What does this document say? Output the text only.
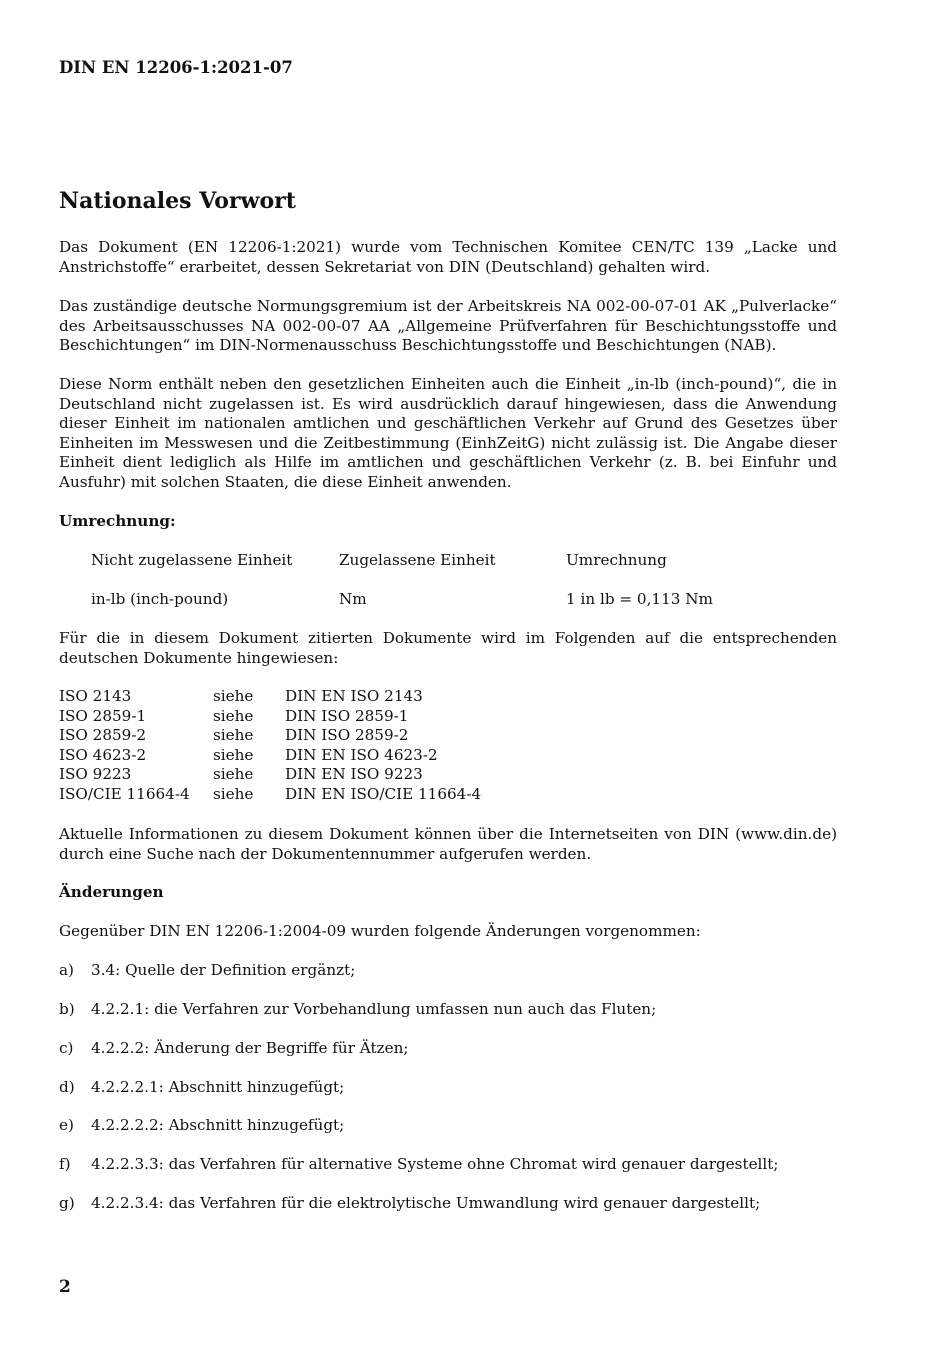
DIN EN 12206-1:2021-07
Nationales Vorwort

Das Dokument (EN 12206-1:2021) wurde vom Technischen Komitee CEN/TC 139 „Lacke und Anstrichstoffe“ erarbeitet, dessen Sekretariat von DIN (Deutschland) gehalten wird.

Das zuständige deutsche Normungsgremium ist der Arbeitskreis NA 002-00-07-01 AK „Pulverlacke“ des Arbeitsausschusses NA 002-00-07 AA „Allgemeine Prüfverfahren für Beschichtungsstoffe und Beschichtungen“ im DIN-Normenausschuss Beschichtungsstoffe und Beschichtungen (NAB).

Diese Norm enthält neben den gesetzlichen Einheiten auch die Einheit „in-lb (inch-pound)“, die in Deutschland nicht zugelassen ist. Es wird ausdrücklich darauf hingewiesen, dass die Anwendung dieser Einheit im nationalen amtlichen und geschäftlichen Verkehr auf Grund des Gesetzes über Einheiten im Messwesen und die Zeitbestimmung (EinhZeitG) nicht zulässig ist. Die Angabe dieser Einheit dient lediglich als Hilfe im amtlichen und geschäftlichen Verkehr (z. B. bei Einfuhr und Ausfuhr) mit solchen Staaten, die diese Einheit anwenden.

Umrechnung:
Nicht zugelassene Einheit	Zugelassene Einheit	Umrechnung
in-lb (inch-pound)	Nm	1 in lb = 0,113 Nm

Für die in diesem Dokument zitierten Dokumente wird im Folgenden auf die entsprechenden deutschen Dokumente hingewiesen:

ISO 2143	siehe DIN EN ISO 2143
ISO 2859-1	siehe DIN ISO 2859-1
ISO 2859-2	siehe DIN ISO 2859-2
ISO 4623-2	siehe DIN EN ISO 4623-2
ISO 9223	siehe DIN EN ISO 9223
ISO/CIE 11664-4 siehe DIN EN ISO/CIE 11664-4

Aktuelle Informationen zu diesem Dokument können über die Internetseiten von DIN (www.din.de) durch eine Suche nach der Dokumentennummer aufgerufen werden.

Änderungen

Gegenüber DIN EN 12206-1:2004-09 wurden folgende Änderungen vorgenommen:

a) 3.4: Quelle der Definition ergänzt;
b) 4.2.2.1: die Verfahren zur Vorbehandlung umfassen nun auch das Fluten;
c) 4.2.2.2: Änderung der Begriffe für Ätzen;
d) 4.2.2.2.1: Abschnitt hinzugefügt;
e) 4.2.2.2.2: Abschnitt hinzugefügt;
f) 4.2.2.3.3: das Verfahren für alternative Systeme ohne Chromat wird genauer dargestellt;
g) 4.2.2.3.4: das Verfahren für die elektrolytische Umwandlung wird genauer dargestellt;
2
